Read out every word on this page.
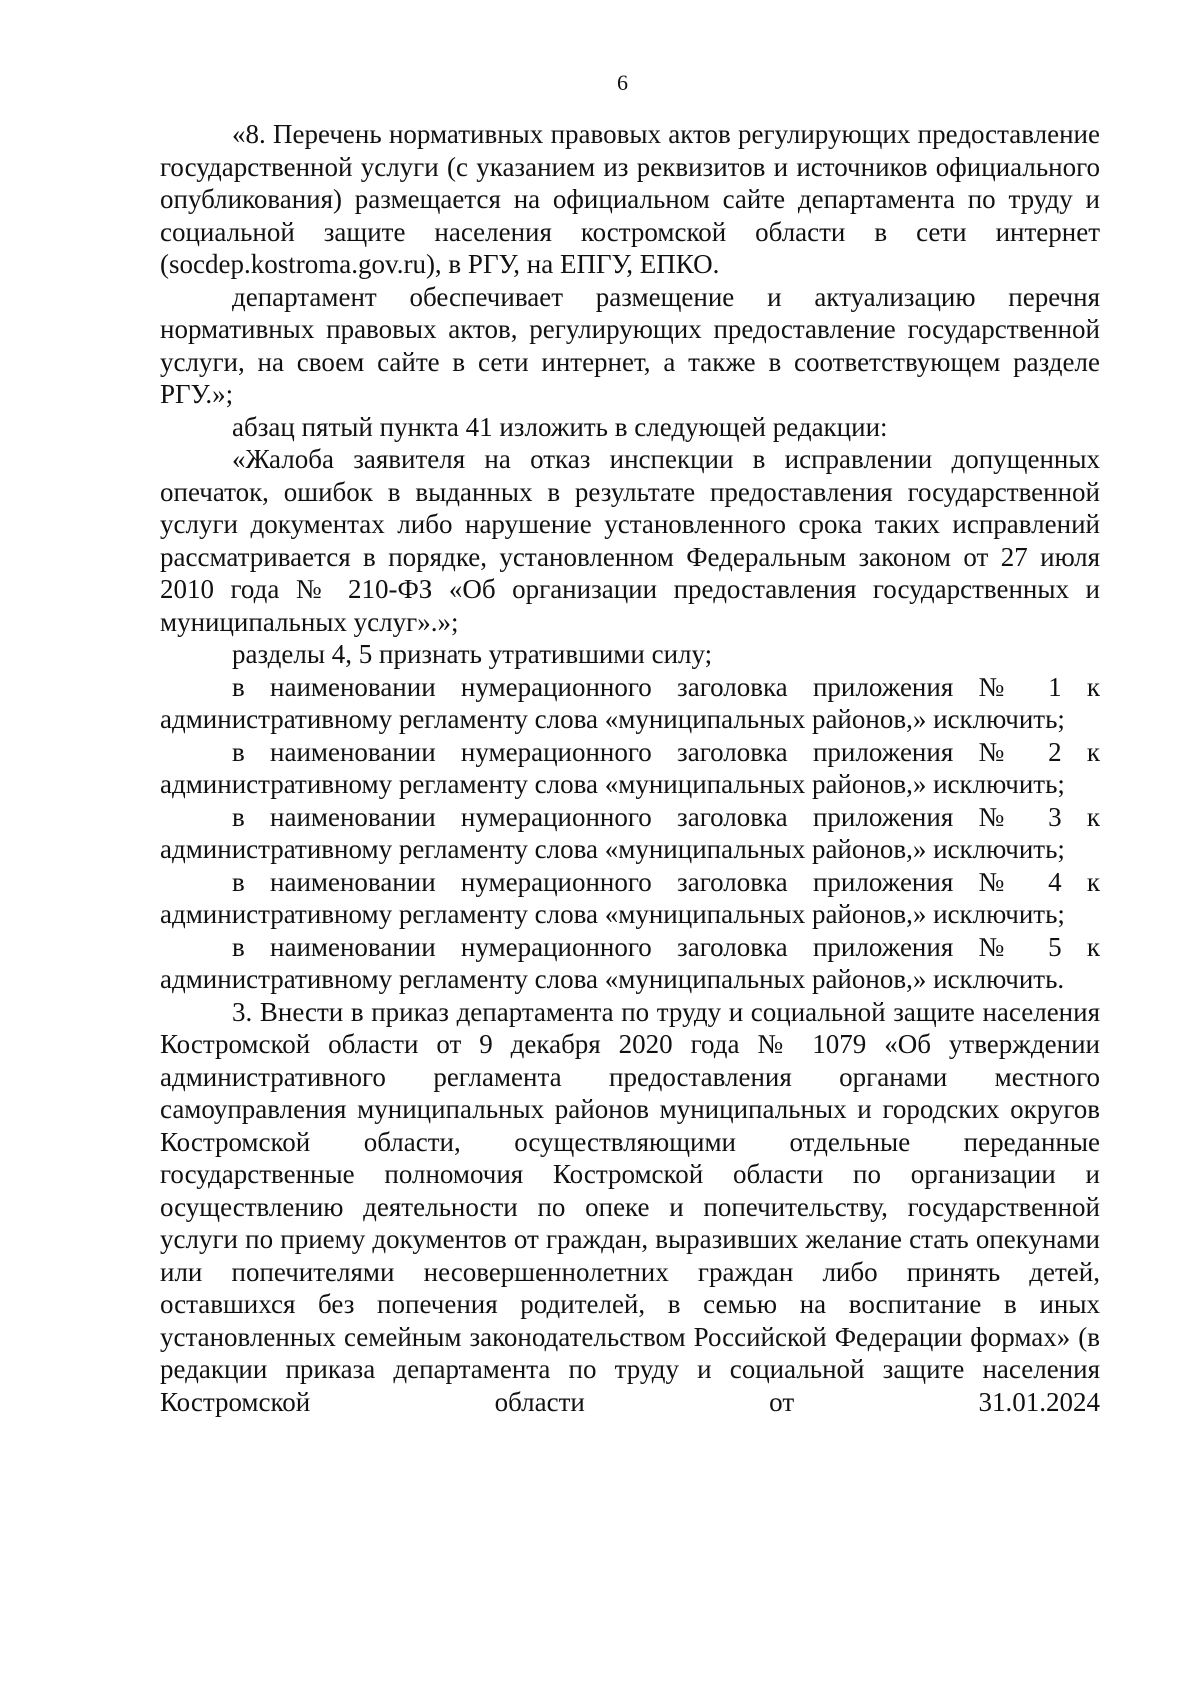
6

«8. Перечень нормативных правовых актов регулирующих предоставление государственной услуги (с указанием из реквизитов и источников официального опубликования) размещается на официальном сайте департамента по труду и социальной защите населения костромской области в сети интернет (socdep.kostroma.gov.ru), в РГУ, на ЕПГУ, ЕПКО.

департамент обеспечивает размещение и актуализацию перечня нормативных правовых актов, регулирующих предоставление государственной услуги, на своем сайте в сети интернет, а также в соответствующем разделе РГУ.»;

абзац пятый пункта 41 изложить в следующей редакции:

«Жалоба заявителя на отказ инспекции в исправлении допущенных опечаток, ошибок в выданных в результате предоставления государственной услуги документах либо нарушение установленного срока таких исправлений рассматривается в порядке, установленном Федеральным законом от 27 июля 2010 года № 210-ФЗ «Об организации предоставления государственных и муниципальных услуг».»;

разделы 4, 5 признать утратившими силу;

в наименовании нумерационного заголовка приложения № 1 к административному регламенту слова «муниципальных районов,» исключить;

в наименовании нумерационного заголовка приложения № 2 к административному регламенту слова «муниципальных районов,» исключить;

в наименовании нумерационного заголовка приложения № 3 к административному регламенту слова «муниципальных районов,» исключить;

в наименовании нумерационного заголовка приложения № 4 к административному регламенту слова «муниципальных районов,» исключить;

в наименовании нумерационного заголовка приложения № 5 к административному регламенту слова «муниципальных районов,» исключить.

3. Внести в приказ департамента по труду и социальной защите населения Костромской области от 9 декабря 2020 года № 1079 «Об утверждении административного регламента предоставления органами местного самоуправления муниципальных районов муниципальных и городских округов Костромской области, осуществляющими отдельные переданные государственные полномочия Костромской области по организации и осуществлению деятельности по опеке и попечительству, государственной услуги по приему документов от граждан, выразивших желание стать опекунами или попечителями несовершеннолетних граждан либо принять детей, оставшихся без попечения родителей, в семью на воспитание в иных установленных семейным законодательством Российской Федерации формах» (в редакции приказа департамента по труду и социальной защите населения Костромской области от 31.01.2024
